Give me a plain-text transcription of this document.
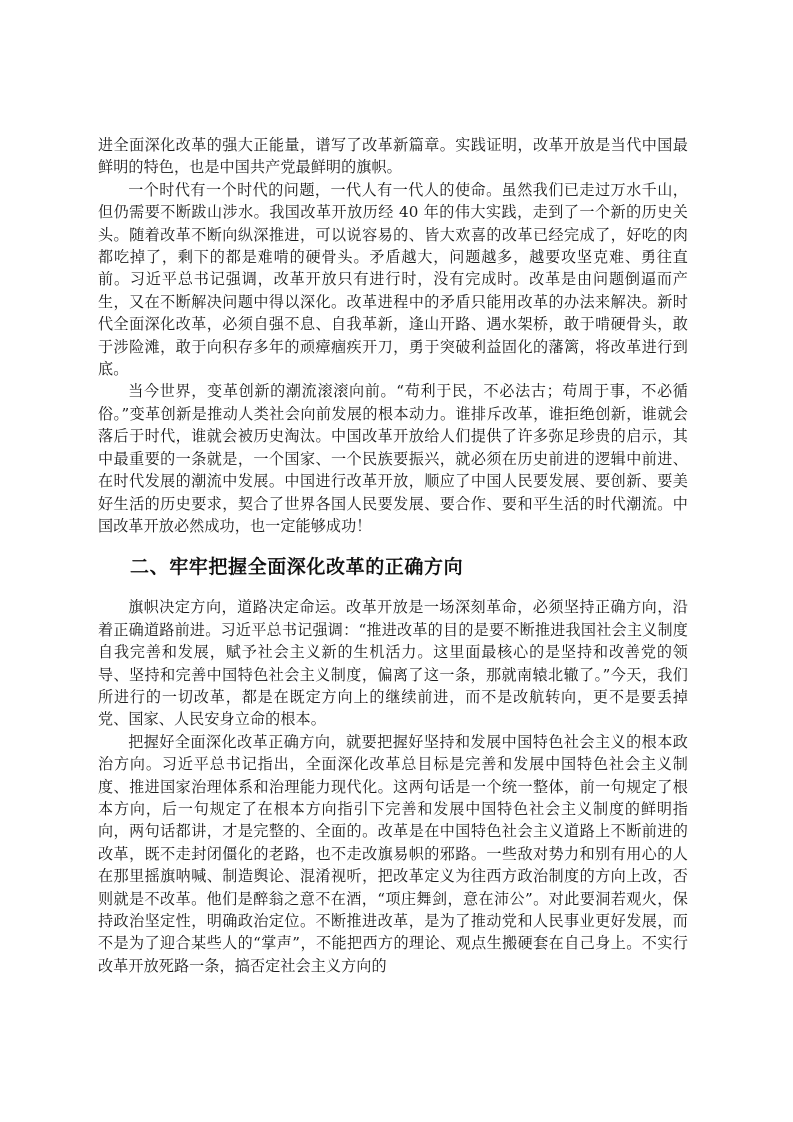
进全面深化改革的强大正能量，谱写了改革新篇章。实践证明，改革开放是当代中国最鲜明的特色，也是中国共产党最鲜明的旗帜。

一个时代有一个时代的问题，一代人有一代人的使命。虽然我们已走过万水千山，但仍需要不断跋山涉水。我国改革开放历经 40 年的伟大实践，走到了一个新的历史关头。随着改革不断向纵深推进，可以说容易的、皆大欢喜的改革已经完成了，好吃的肉都吃掉了，剩下的都是难啃的硬骨头。矛盾越大，问题越多，越要攻坚克难、勇往直前。习近平总书记强调，改革开放只有进行时，没有完成时。改革是由问题倒逼而产生，又在不断解决问题中得以深化。改革进程中的矛盾只能用改革的办法来解决。新时代全面深化改革，必须自强不息、自我革新，逢山开路、遇水架桥，敢于啃硬骨头，敢于涉险滩，敢于向积存多年的顽瘴痼疾开刀，勇于突破利益固化的藩篱，将改革进行到底。

当今世界，变革创新的潮流滚滚向前。“苟利于民，不必法古；苟周于事，不必循俗。”变革创新是推动人类社会向前发展的根本动力。谁排斥改革，谁拒绝创新，谁就会落后于时代，谁就会被历史淘汰。中国改革开放给人们提供了许多弥足珍贵的启示，其中最重要的一条就是，一个国家、一个民族要振兴，就必须在历史前进的逻辑中前进、在时代发展的潮流中发展。中国进行改革开放，顺应了中国人民要发展、要创新、要美好生活的历史要求，契合了世界各国人民要发展、要合作、要和平生活的时代潮流。中国改革开放必然成功，也一定能够成功！

二、牢牢把握全面深化改革的正确方向

旗帜决定方向，道路决定命运。改革开放是一场深刻革命，必须坚持正确方向，沿着正确道路前进。习近平总书记强调：“推进改革的目的是要不断推进我国社会主义制度自我完善和发展，赋予社会主义新的生机活力。这里面最核心的是坚持和改善党的领导、坚持和完善中国特色社会主义制度，偏离了这一条，那就南辕北辙了。”今天，我们所进行的一切改革，都是在既定方向上的继续前进，而不是改航转向，更不是要丢掉党、国家、人民安身立命的根本。

把握好全面深化改革正确方向，就要把握好坚持和发展中国特色社会主义的根本政治方向。习近平总书记指出，全面深化改革总目标是完善和发展中国特色社会主义制度、推进国家治理体系和治理能力现代化。这两句话是一个统一整体，前一句规定了根本方向，后一句规定了在根本方向指引下完善和发展中国特色社会主义制度的鲜明指向，两句话都讲，才是完整的、全面的。改革是在中国特色社会主义道路上不断前进的改革，既不走封闭僵化的老路，也不走改旗易帜的邪路。一些敌对势力和别有用心的人在那里摇旗呐喊、制造舆论、混淆视听，把改革定义为往西方政治制度的方向上改，否则就是不改革。他们是醉翁之意不在酒，“项庄舞剑，意在沛公”。对此要洞若观火，保持政治坚定性，明确政治定位。不断推进改革，是为了推动党和人民事业更好发展，而不是为了迎合某些人的“掌声”，不能把西方的理论、观点生搬硬套在自己身上。不实行改革开放死路一条，搞否定社会主义方向的
